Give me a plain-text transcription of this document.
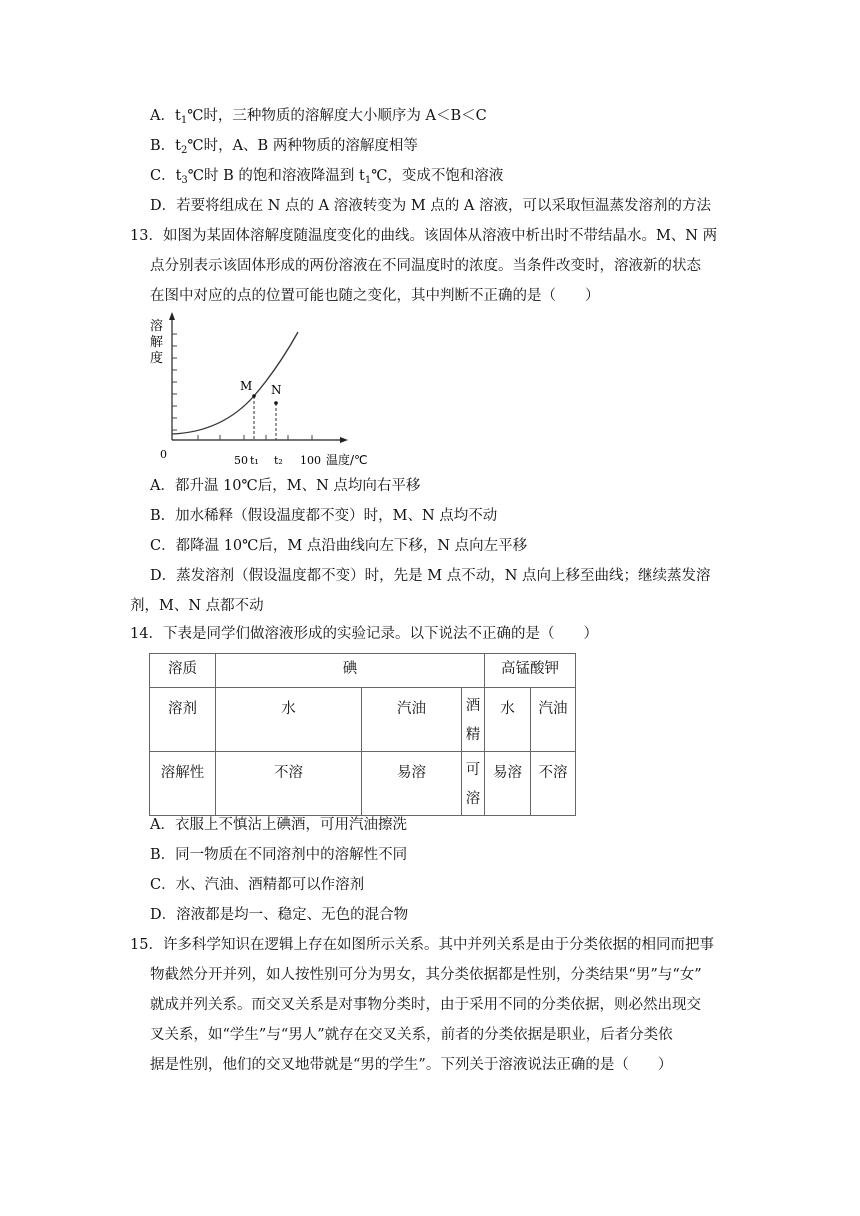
A．$t_1℃$时，三种物质的溶解度大小顺序为 A＜B＜C
B．$t_2℃$时，A、B 两种物质的溶解度相等
C．$t_3℃$时 B 的饱和溶液降温到 $t_1℃$，变成不饱和溶液
D．若要将组成在 N 点的 A 溶液转变为 M 点的 A 溶液，可以采取恒温蒸发溶剂的方法
13．如图为某固体溶解度随温度变化的曲线。该固体从溶液中析出时不带结晶水。M、N 两
点分别表示该固体形成的两份溶液在不同温度时的浓度。当条件改变时，溶液新的状态
在图中对应的点的位置可能也随之变化，其中判断不正确的是（　　）
M N
溶
解
度
0	50 t₁ t₂ 100 温度/℃
A．都升温 10℃后，M、N 点均向右平移
B．加水稀释（假设温度都不变）时，M、N 点均不动
C．都降温 10℃后，M 点沿曲线向左下移，N 点向左平移
D．蒸发溶剂（假设温度都不变）时，先是 M 点不动，N 点向上移至曲线；继续蒸发溶
剂，M、N 点都不动
14．下表是同学们做溶液形成的实验记录。以下说法不正确的是（　　）
溶质	碘			高锰酸钾	
溶剂	水	汽油	酒精	水	汽油
溶解性	不溶	易溶	可溶	易溶	不溶
A．衣服上不慎沾上碘酒，可用汽油擦洗
B．同一物质在不同溶剂中的溶解性不同
C．水、汽油、酒精都可以作溶剂
D．溶液都是均一、稳定、无色的混合物
15．许多科学知识在逻辑上存在如图所示关系。其中并列关系是由于分类依据的相同而把事
物截然分开并列，如人按性别可分为男女，其分类依据都是性别，分类结果“男”与“女”
就成并列关系。而交叉关系是对事物分类时，由于采用不同的分类依据，则必然出现交
叉关系，如“学生”与“男人”就存在交叉关系，前者的分类依据是职业，后者分类依
据是性别，他们的交叉地带就是“男的学生”。下列关于溶液说法正确的是（　　）
